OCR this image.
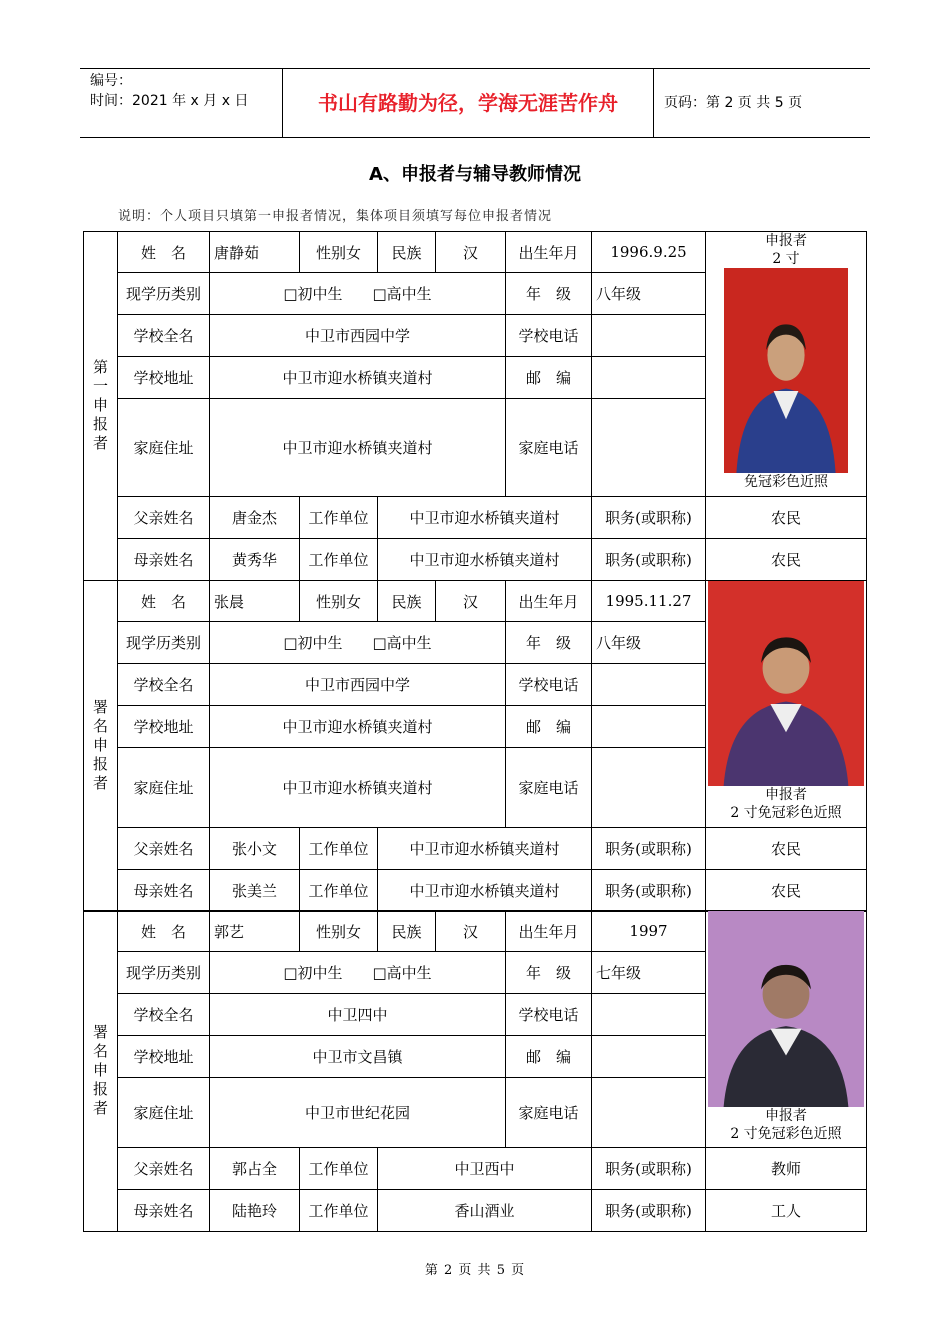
编号：
时间：2021 年 x 月 x 日	书山有路勤为径，学海无涯苦作舟	页码：第 2 页 共 5 页
A、申报者与辅导教师情况
说明：个人项目只填第一申报者情况，集体项目须填写每位申报者情况
第一申报者	姓　名	唐静茹	性别女	民族	汉	出生年月	1996.9.25	申报者
2 寸
免冠彩色近照

	现学历类别	□初中生　　□高中生				年　级	八年级	
	学校全名	中卫市西园中学				学校电话		
	学校地址	中卫市迎水桥镇夹道村				邮　编		
	家庭住址	中卫市迎水桥镇夹道村				家庭电话		
	父亲姓名	唐金杰	工作单位	中卫市迎水桥镇夹道村			职务(或职称)	农民
	母亲姓名	黄秀华	工作单位	中卫市迎水桥镇夹道村			职务(或职称)	农民
署名申报者	姓　名	张晨	性别女	民族	汉	出生年月	1995.11.27	申报者
2 寸免冠彩色近照

	现学历类别	□初中生　　□高中生				年　级	八年级	
	学校全名	中卫市西园中学				学校电话		
	学校地址	中卫市迎水桥镇夹道村				邮　编		
	家庭住址	中卫市迎水桥镇夹道村				家庭电话		
	父亲姓名	张小文	工作单位	中卫市迎水桥镇夹道村			职务(或职称)	农民
	母亲姓名	张美兰	工作单位	中卫市迎水桥镇夹道村			职务(或职称)	农民
署名申报者	姓　名	郭艺	性别女	民族	汉	出生年月	1997	申报者
2 寸免冠彩色近照

	现学历类别	□初中生　　□高中生				年　级	七年级	
	学校全名	中卫四中				学校电话		
	学校地址	中卫市文昌镇				邮　编		
	家庭住址	中卫市世纪花园				家庭电话		
	父亲姓名	郭占全	工作单位	中卫西中			职务(或职称)	教师
	母亲姓名	陆艳玲	工作单位	香山酒业			职务(或职称)	工人
第 2 页 共 5 页
